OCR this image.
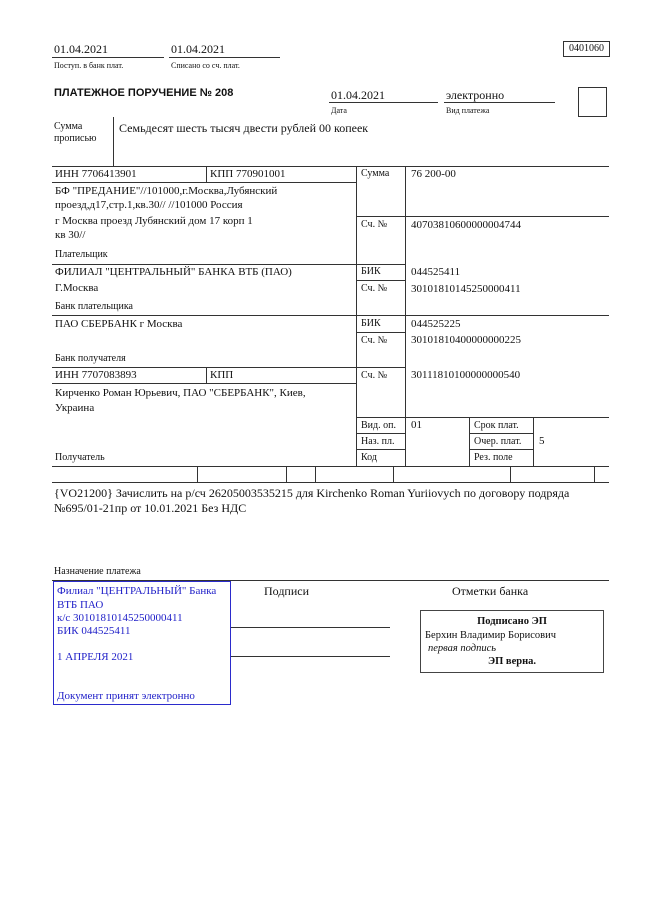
01.04.2021
Поступ. в банк плат.
01.04.2021
Списано со сч. плат.
0401060
ПЛАТЕЖНОЕ ПОРУЧЕНИЕ № 208	01.04.2021
Дата
электронно
Вид платежа
Сумма
прописью
Семьдесят шесть тысяч двести рублей 00 копеек
ИНН 7706413901	КПП 770901001
БФ "ПРЕДАНИЕ"//101000,г.Москва,Лубянский
проезд,д17,стр.1,кв.30// //101000 Россия
г Москва проезд Лубянский дом 17 корп 1
кв 30//
Плательщик
Сумма 76 200-00
Сч. № 40703810600000004744
ФИЛИАЛ "ЦЕНТРАЛЬНЫЙ" БАНКА ВТБ (ПАО)
Г.Москва
Банк плательщика
БИК	044525411
Сч. № 30101810145250000411
ПАО СБЕРБАНК г Москва
Банк получателя
БИК	044525225
Сч. № 30101810400000000225
ИНН 7707083893	КПП
Кирченко Роман Юрьевич, ПАО "СБЕРБАНК", Киев,
Украина
Получатель
Сч. № 30111810100000000540
Вид. оп. 01
Наз. пл.
Код
Срок плат.
Очер. плат. 5
Рез. поле
{VO21200} Зачислить на р/сч 26205003535215 для Kirchenko Roman Yuriiovych по договору подряда
№695/01-21пр от 10.01.2021 Без НДС
Назначение платежа
Подписи	Отметки банка
Филиал "ЦЕНТРАЛЬНЫЙ" Банка
ВТБ ПАО
к/с 30101810145250000411
БИК 044525411
1 АПРЕЛЯ 2021
Документ принят электронно
Подписано ЭП
Берхин Владимир Борисович
первая подпись
ЭП верна.
